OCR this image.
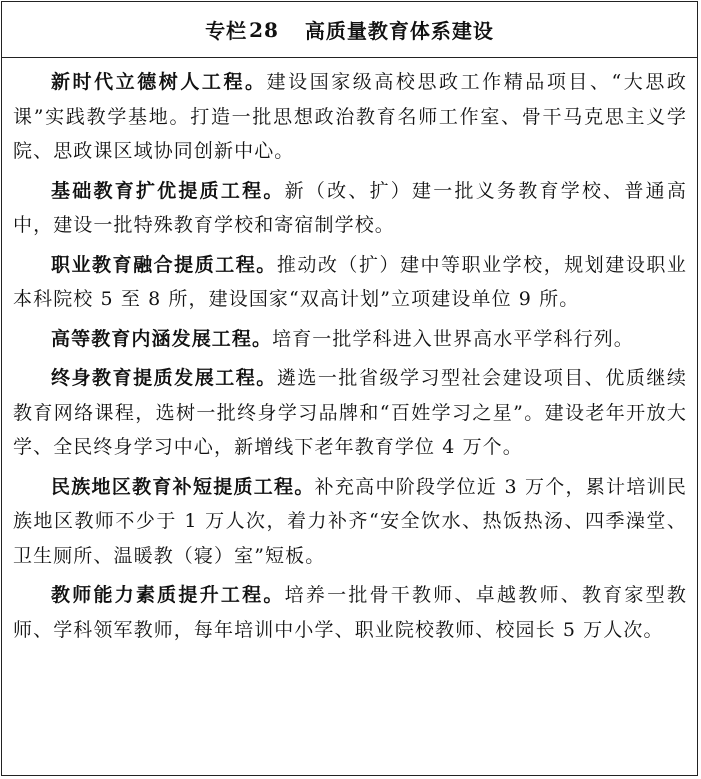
专栏 28 高质量教育体系建设

新时代立德树人工程。建设国家级高校思政工作精品项目、“大思政课”实践教学基地。打造一批思想政治教育名师工作室、骨干马克思主义学院、思政课区域协同创新中心。

基础教育扩优提质工程。新（改、扩）建一批义务教育学校、普通高中，建设一批特殊教育学校和寄宿制学校。

职业教育融合提质工程。推动改（扩）建中等职业学校，规划建设职业本科院校 5 至 8 所，建设国家“双高计划”立项建设单位 9 所。

高等教育内涵发展工程。培育一批学科进入世界高水平学科行列。

终身教育提质发展工程。遴选一批省级学习型社会建设项目、优质继续教育网络课程，选树一批终身学习品牌和“百姓学习之星”。建设老年开放大学、全民终身学习中心，新增线下老年教育学位 4 万个。

民族地区教育补短提质工程。补充高中阶段学位近 3 万个，累计培训民族地区教师不少于 1 万人次，着力补齐“安全饮水、热饭热汤、四季澡堂、卫生厕所、温暖教（寝）室”短板。

教师能力素质提升工程。培养一批骨干教师、卓越教师、教育家型教师、学科领军教师，每年培训中小学、职业院校教师、校园长 5 万人次。
